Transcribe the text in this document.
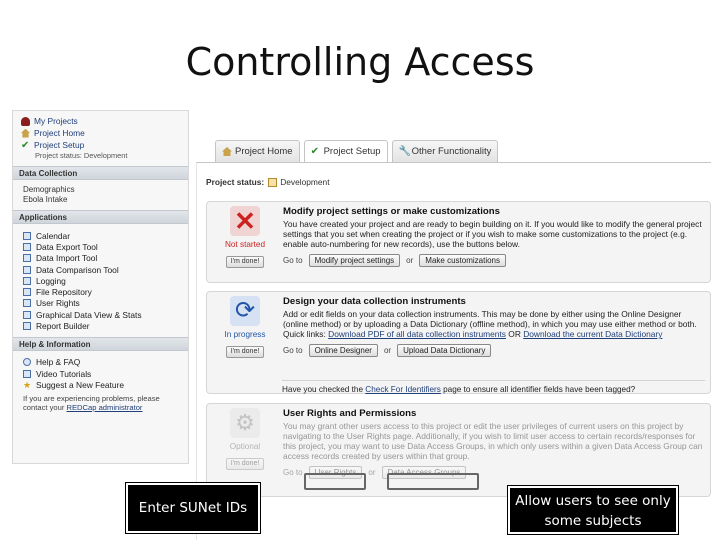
Controlling Access
My Projects
Project Home
✔ Project Setup
Project status: Development
Data Collection
Demographics
Ebola Intake
Applications
Calendar
Data Export Tool
Data Import Tool
Data Comparison Tool
Logging
File Repository
User Rights
Graphical Data View & Stats
Report Builder
Help & Information
Help & FAQ
Video Tutorials
★ Suggest a New Feature
If you are experiencing problems, please contact your REDCap administrator
Project Home ✔ Project Setup 🔧 Other Functionality
Project status: Development
✕
Not started
I'm done!
Modify project settings or make customizations
You have created your project and are ready to begin building on it. If you would like to modify the general project settings that you set when creating the project or if you wish to make some customizations to the project (e.g. enable auto-numbering for new records), use the buttons below.
Go to	Modify project settings	or	Make customizations
⟳
In progress
I'm done!
Design your data collection instruments
Add or edit fields on your data collection instruments. This may be done by either using the Online Designer (online method) or by uploading a Data Dictionary (offline method), in which you may use either method or both. Quick links: Download PDF of all data collection instruments OR Download the current Data Dictionary
Go to	Online Designer	or	Upload Data Dictionary
Have you checked the Check For Identifiers page to ensure all identifier fields have been tagged?
⚙
Optional
I'm done!
User Rights and Permissions
You may grant other users access to this project or edit the user privileges of current users on this project by navigating to the User Rights page. Additionally, if you wish to limit user access to certain records/responses for this project, you may want to use Data Access Groups, in which only users within a given Data Access Group can access records created by users within that group.
Go to	User Rights	or	Data Access Groups
Enter SUNet IDs	Allow users to see only some subjects
